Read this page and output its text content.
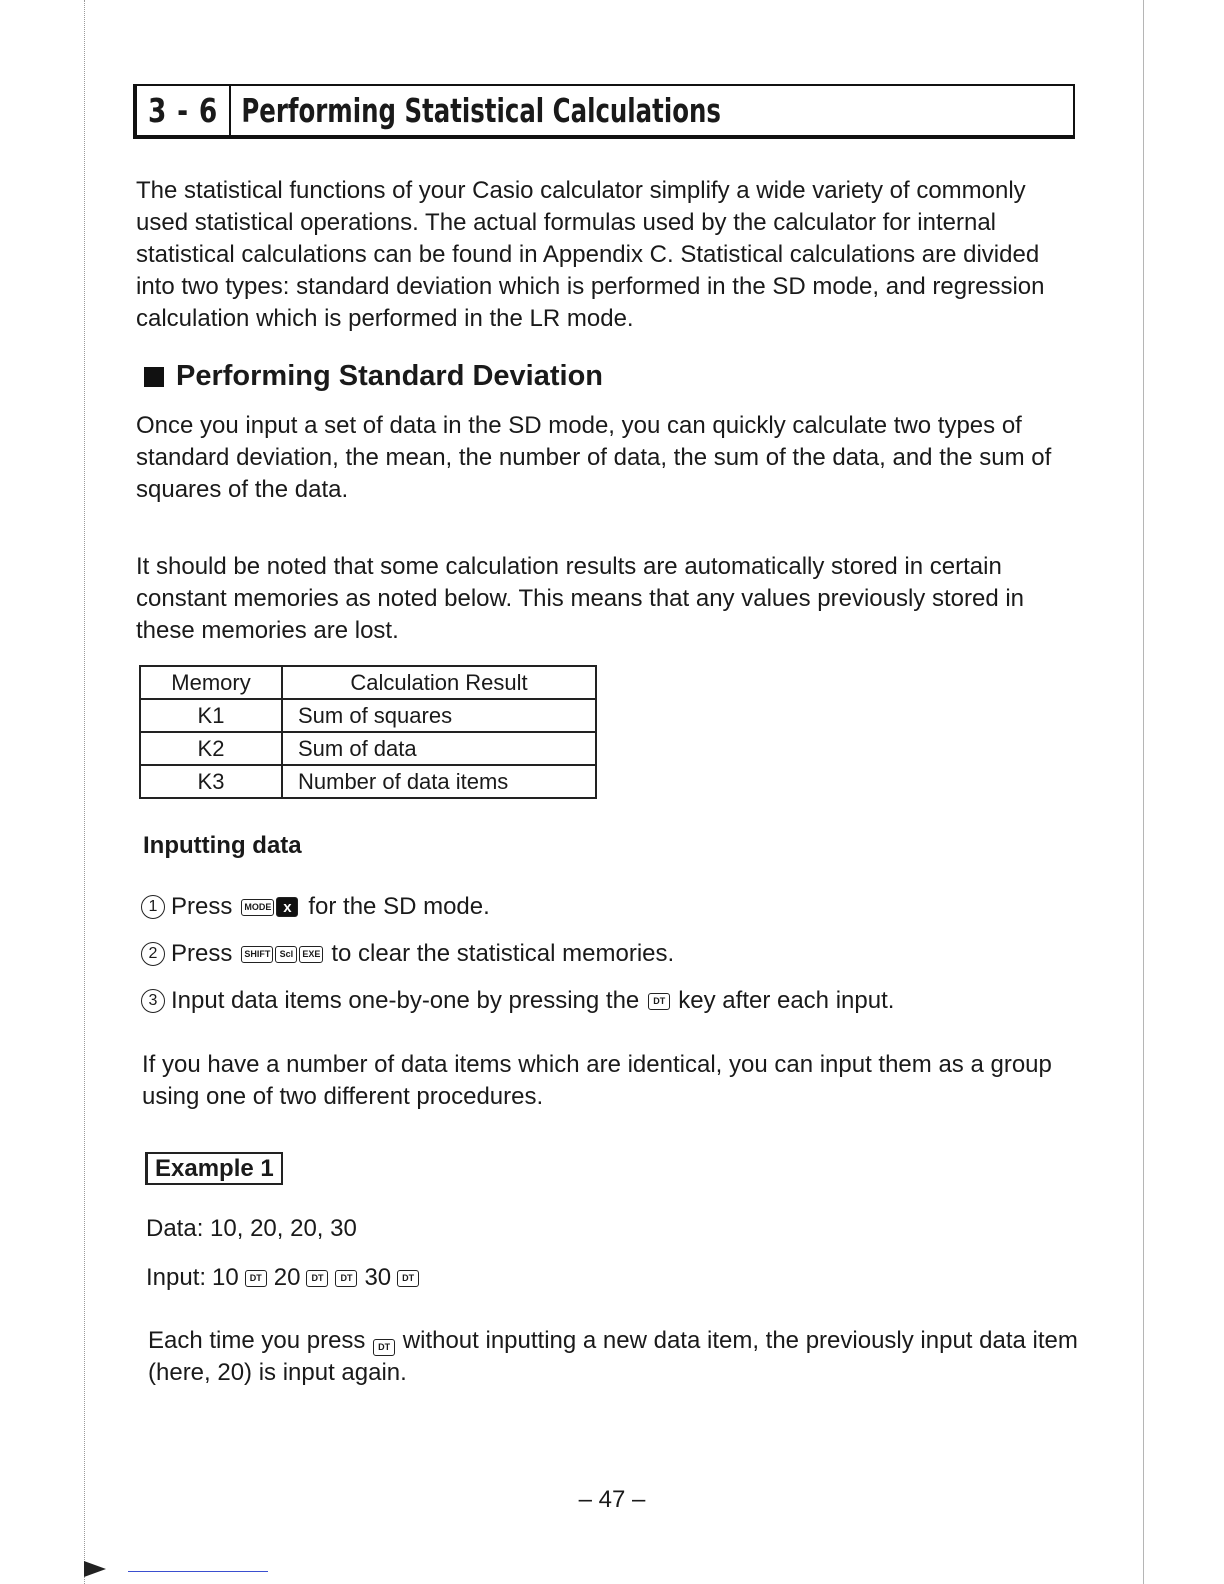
3 - 6 Performing Statistical Calculations

The statistical functions of your Casio calculator simplify a wide variety of commonly used statistical operations. The actual formulas used by the calculator for internal statistical calculations can be found in Appendix C. Statistical calculations are divided into two types: standard deviation which is performed in the SD mode, and regression calculation which is performed in the LR mode.

Performing Standard Deviation

Once you input a set of data in the SD mode, you can quickly calculate two types of standard deviation, the mean, the number of data, the sum of the data, and the sum of squares of the data.

It should be noted that some calculation results are automatically stored in certain constant memories as noted below. This means that any values previously stored in these memories are lost.

Memory	Calculation Result
K1	Sum of squares
K2	Sum of data
K3	Number of data items
Inputting data
1 Press	MODE x for the SD mode.
2 Press	SHIFT	Scl	EXE to clear the statistical memories.
3 Input data items one-by-one by pressing the	DT key after each input.

If you have a number of data items which are identical, you can input them as a group using one of two different procedures.

Example 1
Data: 10, 20, 20, 30
Input: 10	DT 20	DT	DT 30	DT

Each time you press DT without inputting a new data item, the previously input data item (here, 20) is input again.

– 47 –
